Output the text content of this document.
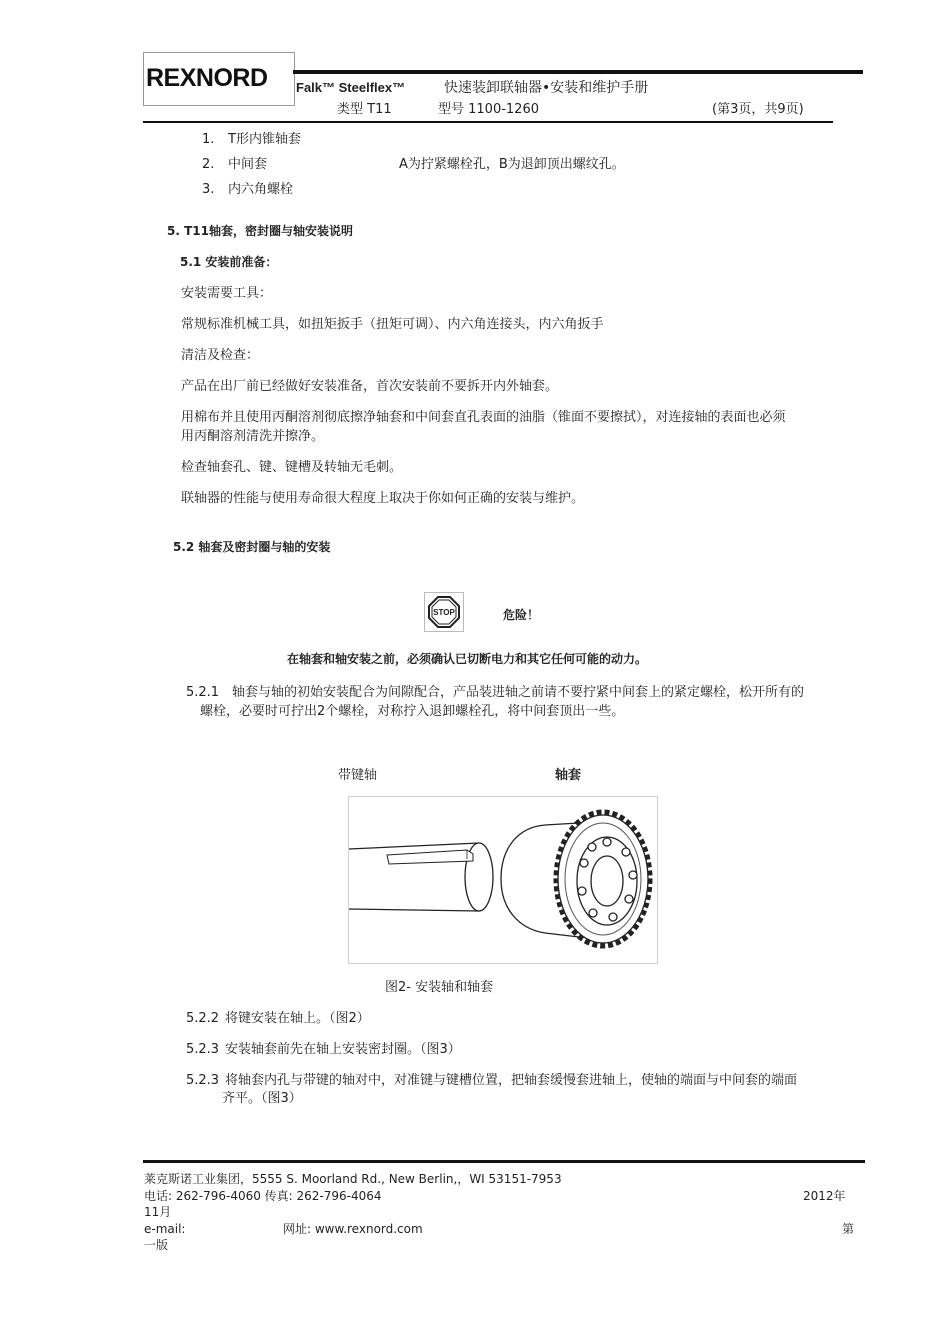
REXNORD Falk™ Steelflex™	快速装卸联轴器•安装和维护手册
类型 T11	型号 1100-1260	(第3页，共9页)
1. T形内锥轴套
2. 中间套	A为拧紧螺栓孔，B为退卸顶出螺纹孔。
3. 内六角螺栓
5. T11轴套，密封圈与轴安装说明
5.1 安装前准备：
安装需要工具：
常规标准机械工具，如扭矩扳手（扭矩可调）、内六角连接头，内六角扳手
清洁及检查：
产品在出厂前已经做好安装准备，首次安装前不要拆开内外轴套。
用棉布并且使用丙酮溶剂彻底擦净轴套和中间套直孔表面的油脂（锥面不要擦拭），对连接轴的表面也必须
用丙酮溶剂清洗并擦净。
检查轴套孔、键、键槽及转轴无毛刺。
联轴器的性能与使用寿命很大程度上取决于你如何正确的安装与维护。
5.2 轴套及密封圈与轴的安装
STOP	危险！
在轴套和轴安装之前，必须确认已切断电力和其它任何可能的动力。
5.2.1 轴套与轴的初始安装配合为间隙配合，产品装进轴之前请不要拧紧中间套上的紧定螺栓，松开所有的
螺栓，必要时可拧出2个螺栓，对称拧入退卸螺栓孔，将中间套顶出一些。
带键轴	轴套
图2- 安装轴和轴套
5.2.2 将键安装在轴上。（图2）
5.2.3 安装轴套前先在轴上安装密封圈。（图3）
5.2.3 将轴套内孔与带键的轴对中，对准键与键槽位置，把轴套缓慢套进轴上，使轴的端面与中间套的端面
齐平。（图3）
莱克斯诺工业集团，5555 S. Moorland Rd., New Berlin,，WI 53151-7953
电话: 262-796-4060 传真: 262-796-4064	2012年
11月
e-mail:	网址: www.rexnord.com	第
一版
